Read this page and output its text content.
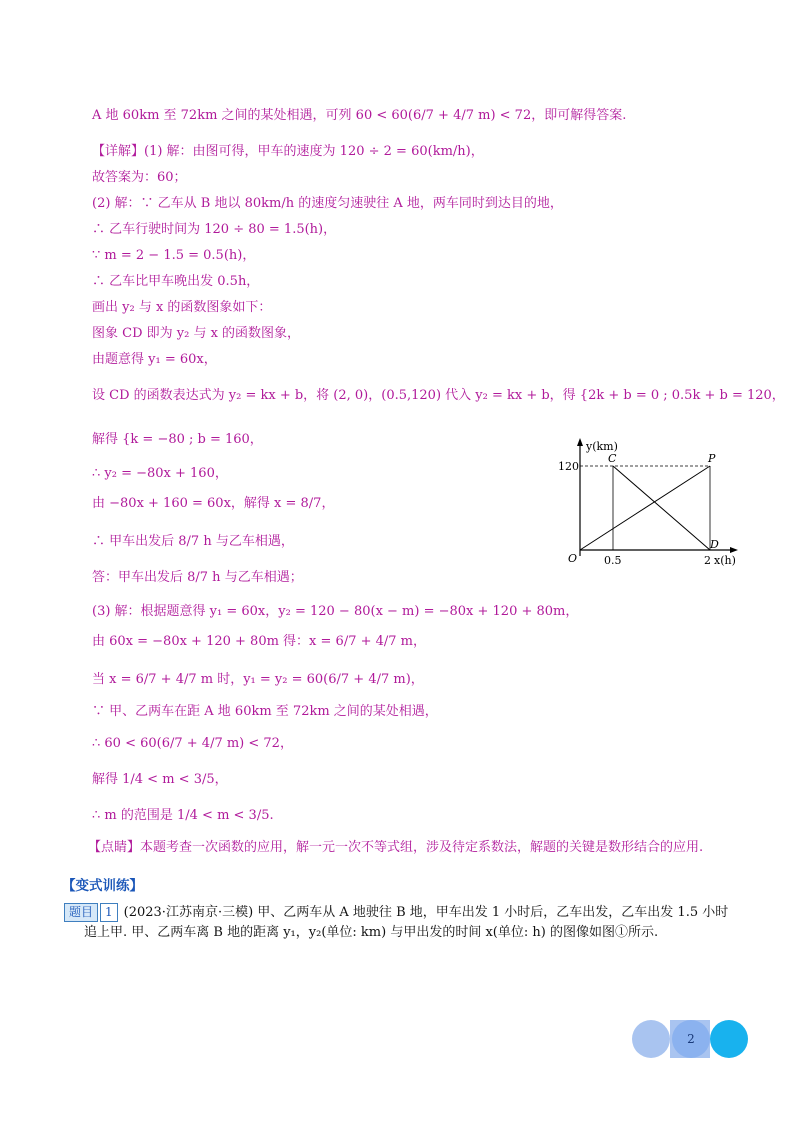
A 地 60km 至 72km 之间的某处相遇，可列 60 < 60(6/7 + 4/7 m) < 72，即可解得答案.
【详解】(1) 解：由图可得，甲车的速度为 120 ÷ 2 = 60(km/h)，
故答案为：60；
(2) 解：∵ 乙车从 B 地以 80km/h 的速度匀速驶往 A 地，两车同时到达目的地，
∴ 乙车行驶时间为 120 ÷ 80 = 1.5(h)，
∵ m = 2 − 1.5 = 0.5(h)，
∴ 乙车比甲车晚出发 0.5h，
画出 y₂ 与 x 的函数图象如下：
图象 CD 即为 y₂ 与 x 的函数图象，
由题意得 y₁ = 60x，
设 CD 的函数表达式为 y₂ = kx + b，将 (2, 0)，(0.5,120) 代入 y₂ = kx + b，得 {2k + b = 0 ; 0.5k + b = 120，
解得 {k = −80 ; b = 160，
∴ y₂ = −80x + 160，
由 −80x + 160 = 60x，解得 x = 8/7，
∴ 甲车出发后 8/7 h 与乙车相遇，
答：甲车出发后 8/7 h 与乙车相遇；
(3) 解：根据题意得 y₁ = 60x，y₂ = 120 − 80(x − m) = −80x + 120 + 80m，
由 60x = −80x + 120 + 80m 得：x = 6/7 + 4/7 m，
当 x = 6/7 + 4/7 m 时，y₁ = y₂ = 60(6/7 + 4/7 m)，
∵ 甲、乙两车在距 A 地 60km 至 72km 之间的某处相遇，
∴ 60 < 60(6/7 + 4/7 m) < 72，
解得 1/4 < m < 3/5，
∴ m 的范围是 1/4 < m < 3/5.
【点睛】本题考查一次函数的应用，解一元一次不等式组，涉及待定系数法，解题的关键是数形结合的应用.
y(km)
120
C	P
D
O 0.5	2 x(h)
【变式训练】
题目 1 (2023·江苏南京·三模) 甲、乙两车从 A 地驶往 B 地，甲车出发 1 小时后，乙车出发，乙车出发 1.5 小时
追上甲. 甲、乙两车离 B 地的距离 y₁，y₂(单位: km) 与甲出发的时间 x(单位: h) 的图像如图①所示.
2
